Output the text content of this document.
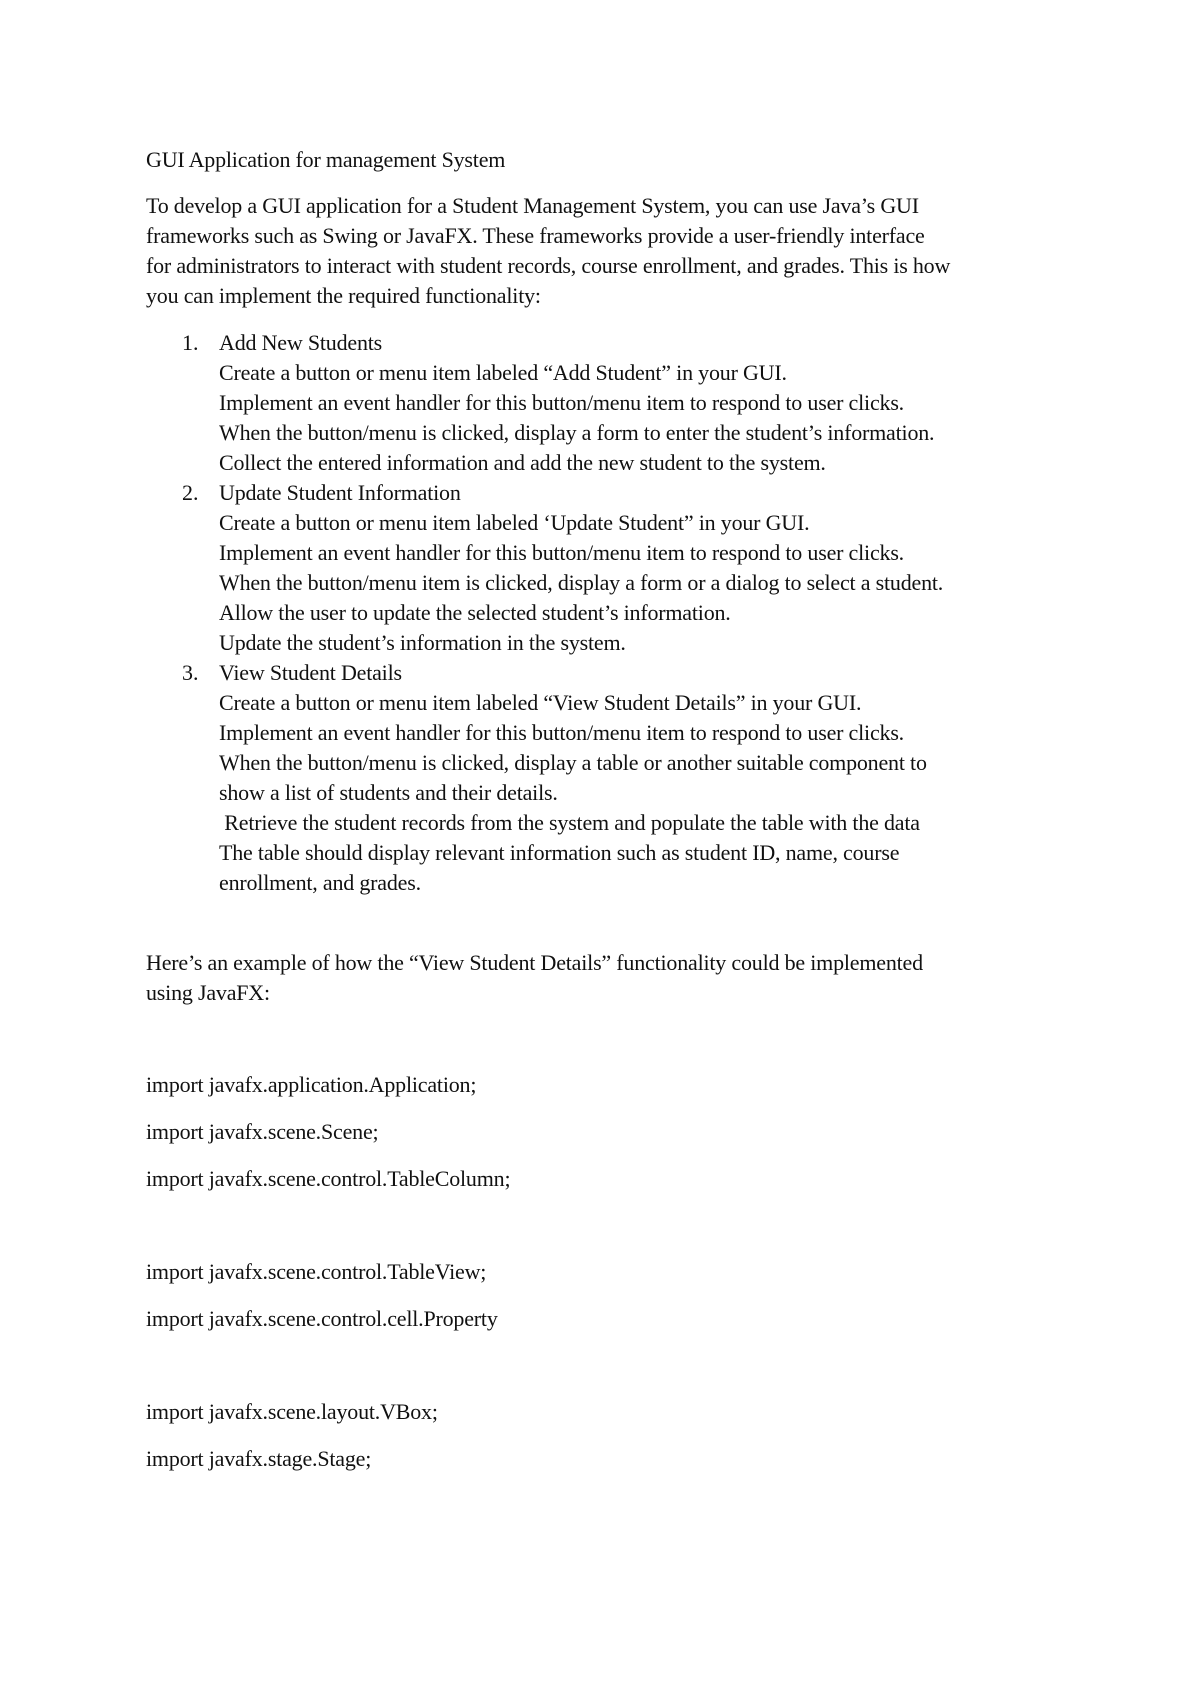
GUI Application for management System
To develop a GUI application for a Student Management System, you can use Java’s GUI
frameworks such as Swing or JavaFX. These frameworks provide a user-friendly interface
for administrators to interact with student records, course enrollment, and grades. This is how
you can implement the required functionality:
1. Add New Students
Create a button or menu item labeled “Add Student” in your GUI.
Implement an event handler for this button/menu item to respond to user clicks.
When the button/menu is clicked, display a form to enter the student’s information.
Collect the entered information and add the new student to the system.
2. Update Student Information
Create a button or menu item labeled ‘Update Student” in your GUI.
Implement an event handler for this button/menu item to respond to user clicks.
When the button/menu item is clicked, display a form or a dialog to select a student.
Allow the user to update the selected student’s information.
Update the student’s information in the system.
3. View Student Details
Create a button or menu item labeled “View Student Details” in your GUI.
Implement an event handler for this button/menu item to respond to user clicks.
When the button/menu is clicked, display a table or another suitable component to
show a list of students and their details.
Retrieve the student records from the system and populate the table with the data
The table should display relevant information such as student ID, name, course
enrollment, and grades.
Here’s an example of how the “View Student Details” functionality could be implemented
using JavaFX:
import javafx.application.Application;
import javafx.scene.Scene;
import javafx.scene.control.TableColumn;
import javafx.scene.control.TableView;
import javafx.scene.control.cell.Property
import javafx.scene.layout.VBox;
import javafx.stage.Stage;
